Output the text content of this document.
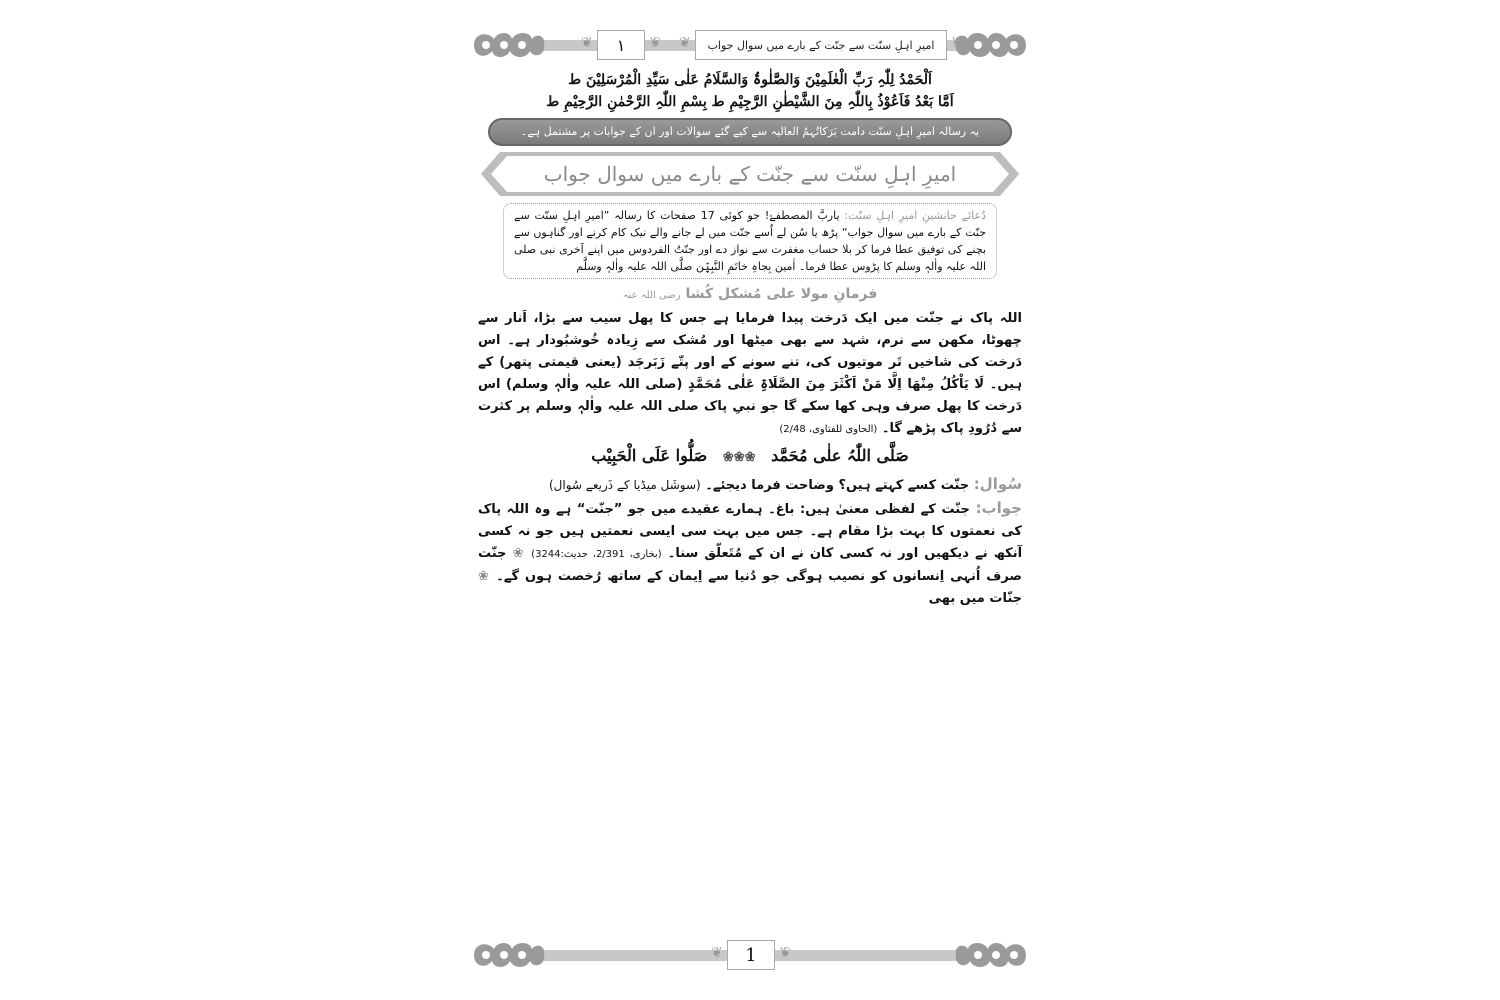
❦ ١ ❦	❦ امیرِ اہلِ سنّت سے جنّت کے بارے میں سوال جواب ❦
اَلْحَمْدُ لِلّٰہِ رَبِّ الْعٰلَمِیْنَ وَالصَّلٰوۃُ وَالسَّلَامُ عَلٰی سَیِّدِ الْمُرْسَلِیْنَ ط
اَمَّا بَعْدُ فَاَعُوْذُ بِاللّٰہِ مِنَ الشَّیْطٰنِ الرَّجِیْمِ ط بِسْمِ اللّٰہِ الرَّحْمٰنِ الرَّحِیْمِ ط
یہ رسالہ امیرِ اہلِ سنّت دامت بَرَکاتُہمُ العالیہ سے کیے گئے سوالات اور ان کے جوابات پر مشتمل ہے۔
امیرِ اہلِ سنّت سے جنّت کے بارے میں سوال جواب
دُعائے جانشینِ امیرِ اہلِ سنّت: یاربَّ المصطفےٰ! جو کوئی 17 صفحات کا رسالہ ”امیرِ اہلِ سنّت سے جنّت کے بارے میں سوال جواب“ پڑھ یا سُن لے اُسے جنّت میں لے جانے والے نیک کام کرنے اور گناہوں سے بچنے کی توفیق عطا فرما کر بلا حساب مغفرت سے نواز دے اور جنّتُ الفردوس میں اپنے آخری نبی صلی اللہ علیہ واٰلہٖ وسلم کا پڑوس عطا فرما۔ اٰمین بِجاہِ خاتَمِ النَّبِیّٖن صلَّی اللہ علیہ واٰلہٖ وسلَّم
فرمانِ مولا علی مُشکل کُشا رضی اللہ عنہ
اللہ پاک نے جنّت میں ایک دَرخت پیدا فرمایا ہے جس کا پھل سیب سے بڑا، اَنار سے چھوٹا، مکھن سے نرم، شہد سے بھی میٹھا اور مُشک سے زِیادہ خُوشبُودار ہے۔ اس دَرخت کی شاخیں تَر موتیوں کی، تنے سونے کے اور پتّے زَبَرجَد (یعنی قیمتی پتھر) کے ہیں۔ لَا یَاْکُلُ مِنْهَا اِلَّا مَنْ اَکْثَرَ مِنَ الصَّلَاۃِ عَلٰی مُحَمَّدٍ (صلی اللہ علیہ واٰلہٖ وسلم) اس دَرخت کا پھل صرف وہی کھا سکے گا جو نبیِ پاک صلی اللہ علیہ واٰلہٖ وسلم پر کثرت سے دُرُودِ پاک پڑھے گا۔ (الحاوی للفتاوی، 2/48)
صَلَّی اللّٰہُ علٰی مُحَمَّد ❀❀❀ صَلُّوا عَلَی الْحَبِیْب
سُوال: جنّت کسے کہتے ہیں؟ وضاحت فرما دیجئے۔ (سوشَل میڈیا کے ذَریعے سُوال)
جواب: جنّت کے لفظی معنیٰ ہیں: باغ۔ ہمارے عقیدے میں جو ”جنّت“ ہے وہ اللہ پاک کی نعمتوں کا بہت بڑا مقام ہے۔ جس میں بہت سی ایسی نعمتیں ہیں جو نہ کسی آنکھ نے دیکھیں اور نہ کسی کان نے ان کے مُتَعلّق سنا۔ (بخاری، 2/391، حدیث:3244) ❀ جنّت صرف اُنہی اِنسانوں کو نصیب ہوگی جو دُنیا سے اِیمان کے ساتھ رُخصت ہوں گے۔ ❀ جنّات میں بھی
❦ 1 ❦
